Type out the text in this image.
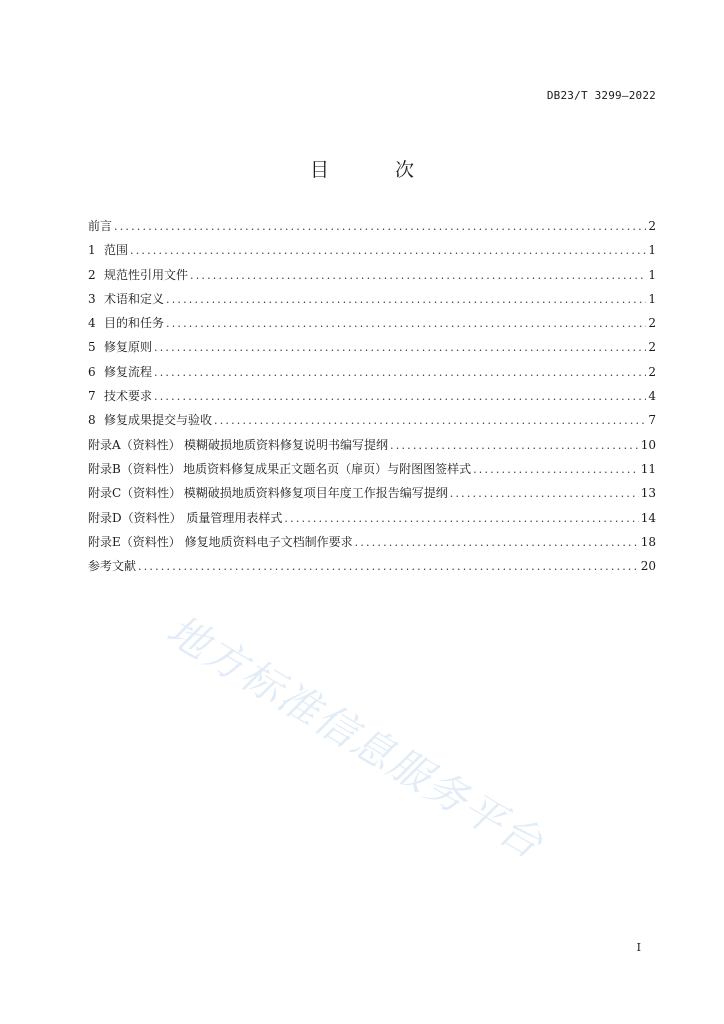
DB23/T 3299—2022
目 次
前言 .....	2
1 范围 .....	1
2 规范性引用文件 .....	1
3 术语和定义 .....	1
4 目的和任务 .....	2
5 修复原则 .....	2
6 修复流程 .....	2
7 技术要求 .....	4
8 修复成果提交与验收 .....	7
附录A（资料性） 模糊破损地质资料修复说明书编写提纲 .....	10
附录B（资料性） 地质资料修复成果正文题名页（扉页）与附图图签样式 .....	11
附录C（资料性） 模糊破损地质资料修复项目年度工作报告编写提纲 .....	13
附录D（资料性） 质量管理用表样式 .....	14
附录E（资料性） 修复地质资料电子文档制作要求 .....	18
参考文献 .....	20
地方标准信息服务平台
I
